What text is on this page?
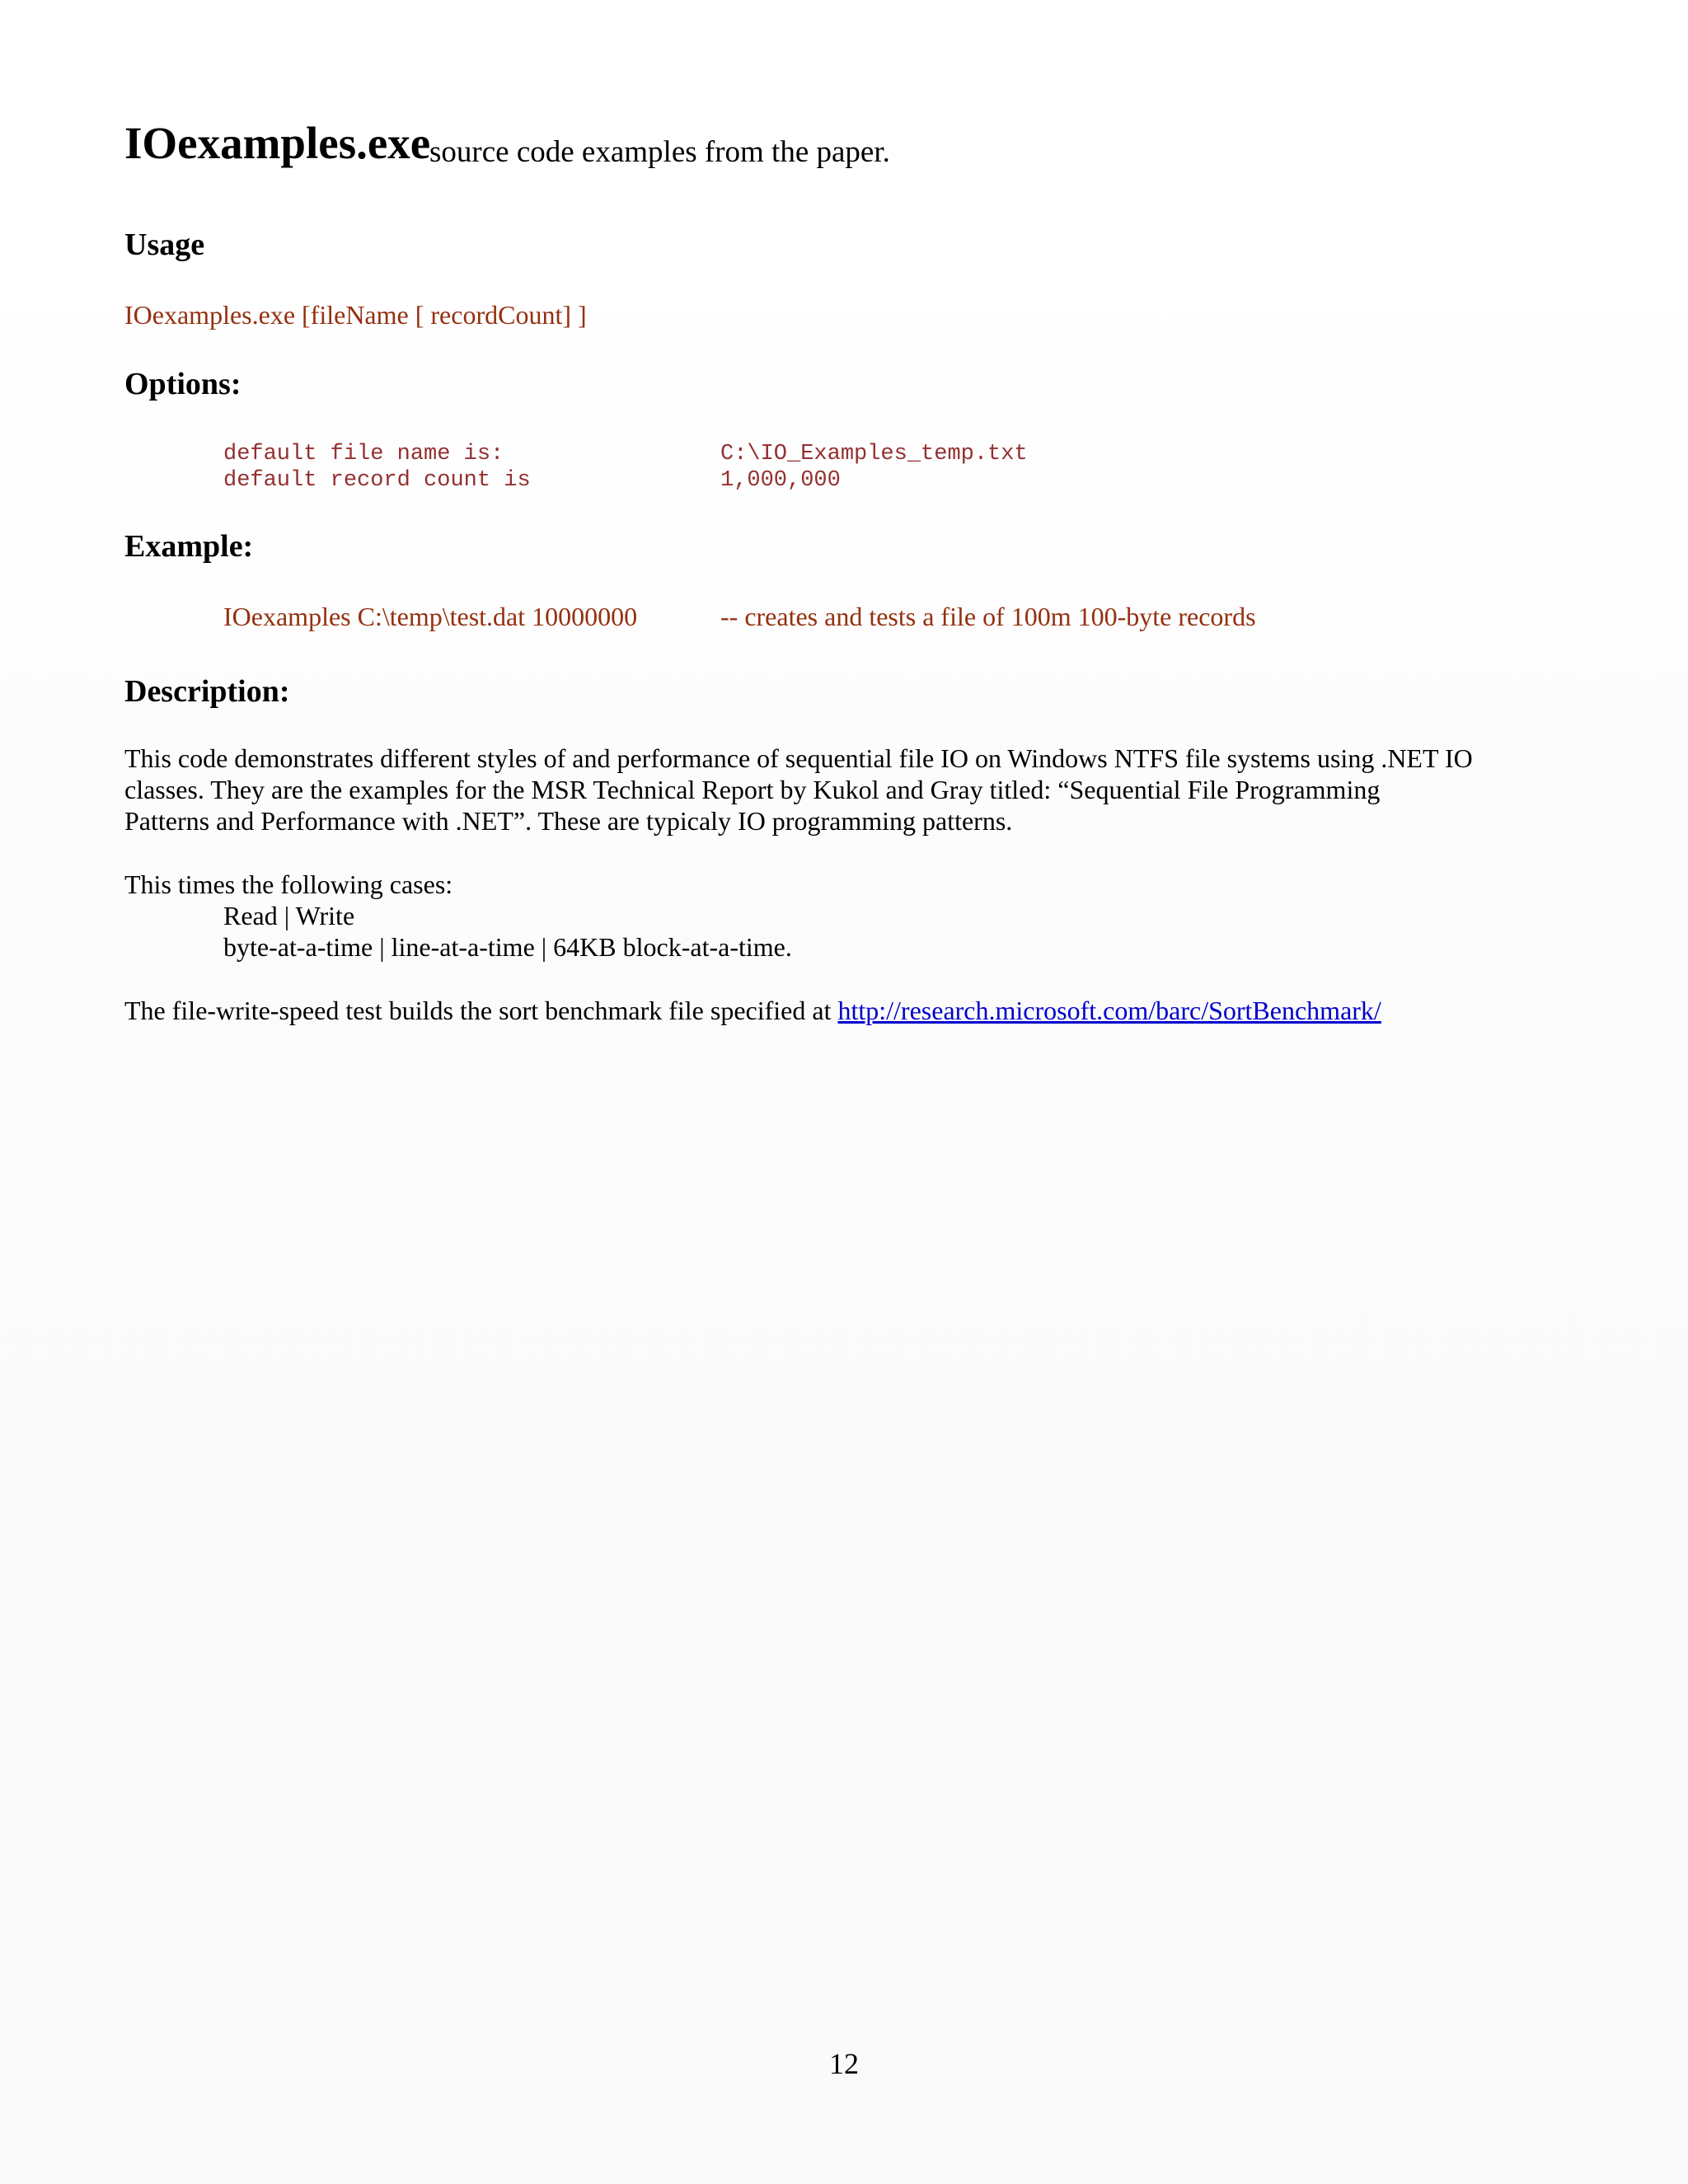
IOexamples.exe
source code examples from the paper.
Usage
IOexamples.exe [fileName [ recordCount] ]
Options:
default file name is:	C:\IO_Examples_temp.txt
default record count is	1,000,000
Example:
IOexamples C:\temp\test.dat 10000000	-- creates and tests a file of 100m 100-byte records
Description:
This code demonstrates different styles of and performance of sequential file IO on Windows NTFS file systems using .NET IO
classes. They are the examples for the MSR Technical Report by Kukol and Gray titled: “Sequential File Programming
Patterns and Performance with .NET”. These are typicaly IO programming patterns.
This times the following cases:
Read | Write
byte-at-a-time | line-at-a-time | 64KB block-at-a-time.
The file-write-speed test builds the sort benchmark file specified at http://research.microsoft.com/barc/SortBenchmark/
12
